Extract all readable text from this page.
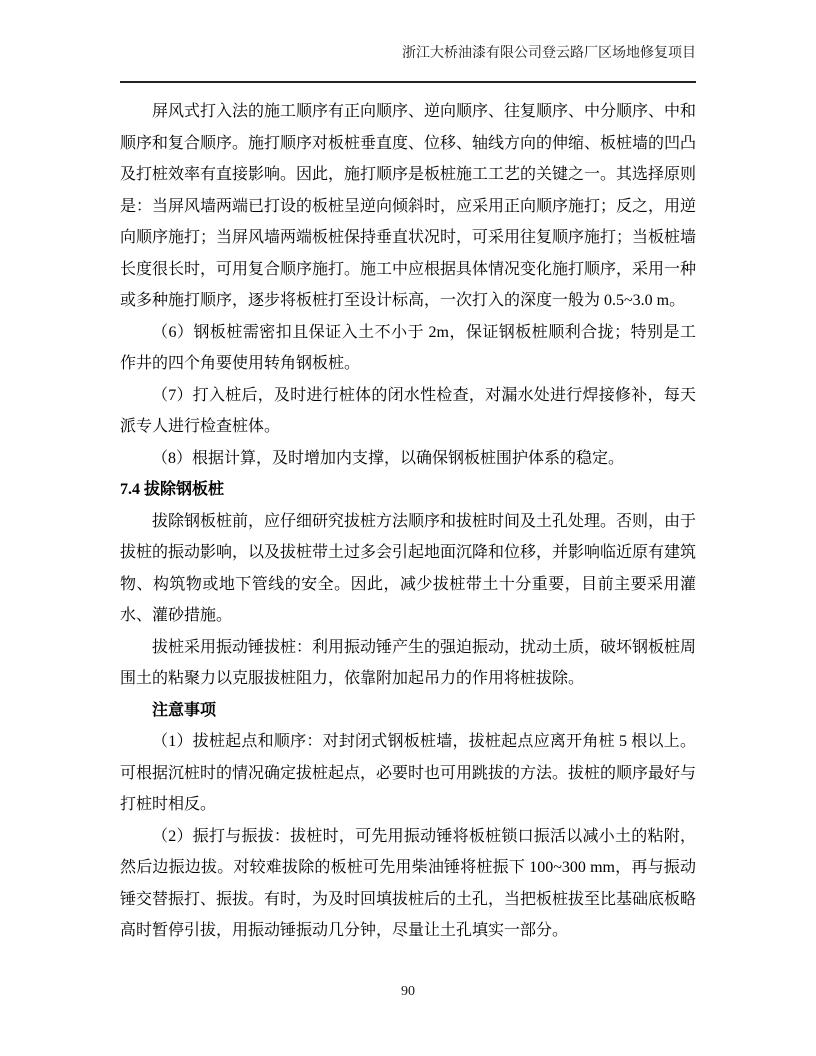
浙江大桥油漆有限公司登云路厂区场地修复项目

屏风式打入法的施工顺序有正向顺序、逆向顺序、往复顺序、中分顺序、中和顺序和复合顺序。施打顺序对板桩垂直度、位移、轴线方向的伸缩、板桩墙的凹凸及打桩效率有直接影响。因此，施打顺序是板桩施工工艺的关键之一。其选择原则是：当屏风墙两端已打设的板桩呈逆向倾斜时，应采用正向顺序施打；反之，用逆向顺序施打；当屏风墙两端板桩保持垂直状况时，可采用往复顺序施打；当板桩墙长度很长时，可用复合顺序施打。施工中应根据具体情况变化施打顺序，采用一种或多种施打顺序，逐步将板桩打至设计标高，一次打入的深度一般为 0.5~3.0 m。

（6）钢板桩需密扣且保证入土不小于 2m，保证钢板桩顺利合拢；特别是工作井的四个角要使用转角钢板桩。

（7）打入桩后，及时进行桩体的闭水性检查，对漏水处进行焊接修补，每天派专人进行检查桩体。

（8）根据计算，及时增加内支撑，以确保钢板桩围护体系的稳定。

7.4 拔除钢板桩

拔除钢板桩前，应仔细研究拔桩方法顺序和拔桩时间及土孔处理。否则，由于拔桩的振动影响，以及拔桩带土过多会引起地面沉降和位移，并影响临近原有建筑物、构筑物或地下管线的安全。因此，减少拔桩带土十分重要，目前主要采用灌水、灌砂措施。

拔桩采用振动锤拔桩：利用振动锤产生的强迫振动，扰动土质，破坏钢板桩周围土的粘聚力以克服拔桩阻力，依靠附加起吊力的作用将桩拔除。

注意事项

（1）拔桩起点和顺序：对封闭式钢板桩墙，拔桩起点应离开角桩 5 根以上。可根据沉桩时的情况确定拔桩起点，必要时也可用跳拔的方法。拔桩的顺序最好与打桩时相反。

（2）振打与振拔：拔桩时，可先用振动锤将板桩锁口振活以减小土的粘附，然后边振边拔。对较难拔除的板桩可先用柴油锤将桩振下 100~300 mm，再与振动锤交替振打、振拔。有时，为及时回填拔桩后的土孔，当把板桩拔至比基础底板略高时暂停引拔，用振动锤振动几分钟，尽量让土孔填实一部分。

90
